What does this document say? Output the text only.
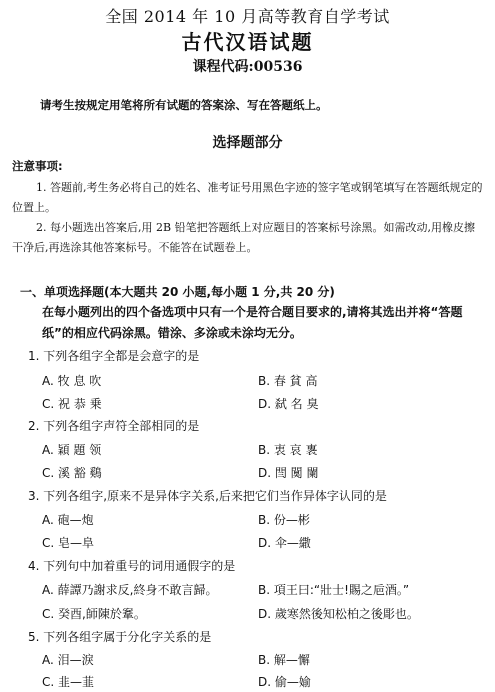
全国 2014 年 10 月高等教育自学考试
古代汉语试题
课程代码:00536
请考生按规定用笔将所有试题的答案涂、写在答题纸上。
选择题部分
注意事项:
1. 答题前,考生务必将自己的姓名、准考证号用黑色字迹的签字笔或钢笔填写在答题纸规定的位置上。
2. 每小题选出答案后,用 2B 铅笔把答题纸上对应题目的答案标号涂黑。如需改动,用橡皮擦干净后,再选涂其他答案标号。不能答在试题卷上。
一、单项选择题(本大题共 20 小题,每小题 1 分,共 20 分)
在每小题列出的四个备选项中只有一个是符合题目要求的,请将其选出并将“答题纸”的相应代码涂黑。错涂、多涂或未涂均无分。
1. 下列各组字全都是会意字的是
A. 牧 息 吹	B. 春 貧 高
C. 祝 恭 乗	D. 弑 名 臭
2. 下列各组字声符全部相同的是
A. 穎 題 领	B. 衷 哀 褢
C. 溪 豁 鷄	D. 閆 闃 闌
3. 下列各组字,原来不是异体字关系,后来把它们当作异体字认同的是
A. 砲—炮	B. 份—彬
C. 皂—阜	D. 伞—繖
4. 下列句中加着重号的词用通假字的是
A. 薛譚乃謝求反,終身不敢言歸。	B. 項王曰:“壯士!賜之巵酒。”
C. 癸酉,師陳於鞌。	D. 歲寒然後知松柏之後彫也。
5. 下列各组字属于分化字关系的是
A. 泪—淚	B. 解—懈
C. 韭—韮	D. 偷—媮
